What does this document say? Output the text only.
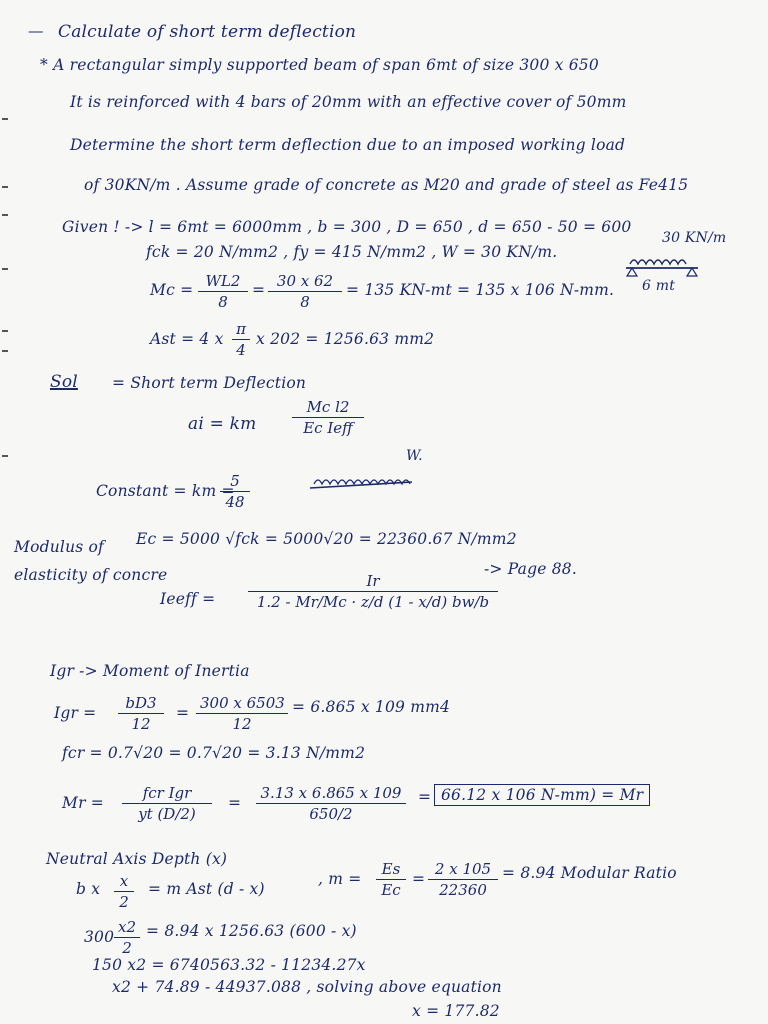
— Calculate of short term deflection
* A rectangular simply supported beam of span 6mt of size 300 x 650
It is reinforced with 4 bars of 20mm with an effective cover of 50mm
Determine the short term deflection due to an imposed working load
of 30KN/m . Assume grade of concrete as M20 and grade of steel as Fe415
Given ! -> l = 6mt = 6000mm , b = 300 , D = 650 , d = 650 - 50 = 600
fck = 20 N/mm2 , fy = 415 N/mm2 , W = 30 KN/m.
$Mc = \frac{WL2}{8} = \frac{30 x 62}{8} = 135$ KN-mt = 135 x 106 N-mm.
30 KN/m
6 mt
Ast = 4 x $\frac{\pi}{4}$ x 202 = 1256.63 mm2
Sol = Short term Deflection
ai = km
Mc l2
Ec Ieff
Constant = km =
$\frac{5}{48}$
W.
Modulus of
elasticity of concre
Ec = 5000 √fck = 5000√20 = 22360.67 N/mm2
-> Page 88.
Ieeff = $\frac{Ir}{1.2 - Mr/Mc \cdot z/d (1 - x/d) bw/b}$
Igr -> Moment of Inertia
Igr = $\frac{bD3}{12} = \frac{300 x 6503}{12} = 6.865$ x 109 mm4
fcr = 0.7√20 = 0.7√20 = 3.13 N/mm2
Mr =
fcr Igr
yt (D/2)
= $\frac{3.13 x 6.865 x 109}{650/2} = 66.12$ x 106 N-mm) = Mr
Neutral Axis Depth (x)
b x $\frac{x}{2} = m$ Ast (d - x)
, $m = \frac{Es}{Ec} = \frac{2 x 105}{22360} = 8.94$ Modular Ratio
$300 \frac{x2}{2} = 8.94$ x 1256.63 (600 - x)
150 x2 = 6740563.32 - 11234.27x
x2 + 74.89 - 44937.088 , solving above equation
x = 177.82
